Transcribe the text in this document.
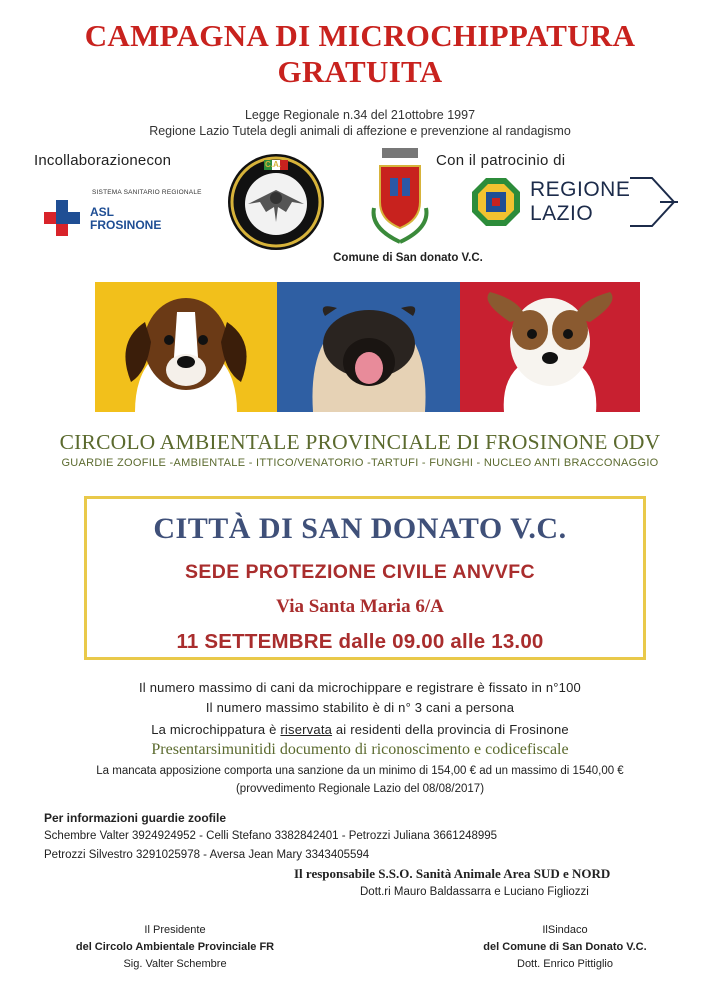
CAMPAGNA DI MICROCHIPPATURA
GRATUITA
Legge Regionale n.34 del 21ottobre 1997
Regione Lazio Tutela degli animali di affezione e prevenzione al randagismo
Incollaborazionecon
SISTEMA SANITARIO REGIONALE
ASL
FROSINONE
C.A.	Con il patrocinio di
REGIONE
LAZIO
Comune di San donato V.C.
CIRCOLO AMBIENTALE PROVINCIALE DI FROSINONE ODV
GUARDIE ZOOFILE -AMBIENTALE - ITTICO/VENATORIO -TARTUFI - FUNGHI - NUCLEO ANTI BRACCONAGGIO
CITTÀ DI SAN DONATO V.C.
SEDE PROTEZIONE CIVILE ANVVFC
Via Santa Maria 6/A
11 SETTEMBRE dalle 09.00 alle 13.00
Il numero massimo di cani da microchippare e registrare è fissato in n°100
Il numero massimo stabilito è di n° 3 cani a persona
La microchippatura è riservata ai residenti della provincia di Frosinone
Presentarsimunitidi documento di riconoscimento e codicefiscale
La mancata apposizione comporta una sanzione da un minimo di 154,00 € ad un massimo di 1540,00 €
(provvedimento Regionale Lazio del 08/08/2017)
Per informazioni guardie zoofile
Schembre Valter 3924924952 - Celli Stefano 3382842401 - Petrozzi Juliana 3661248995
Petrozzi Silvestro 3291025978 - Aversa Jean Mary 3343405594
Il responsabile S.S.O. Sanità Animale Area SUD e NORD
Dott.ri Mauro Baldassarra e Luciano Figliozzi
Il Presidente
del Circolo Ambientale Provinciale FR
Sig. Valter Schembre
IlSindaco
del Comune di San Donato V.C.
Dott. Enrico Pittiglio
